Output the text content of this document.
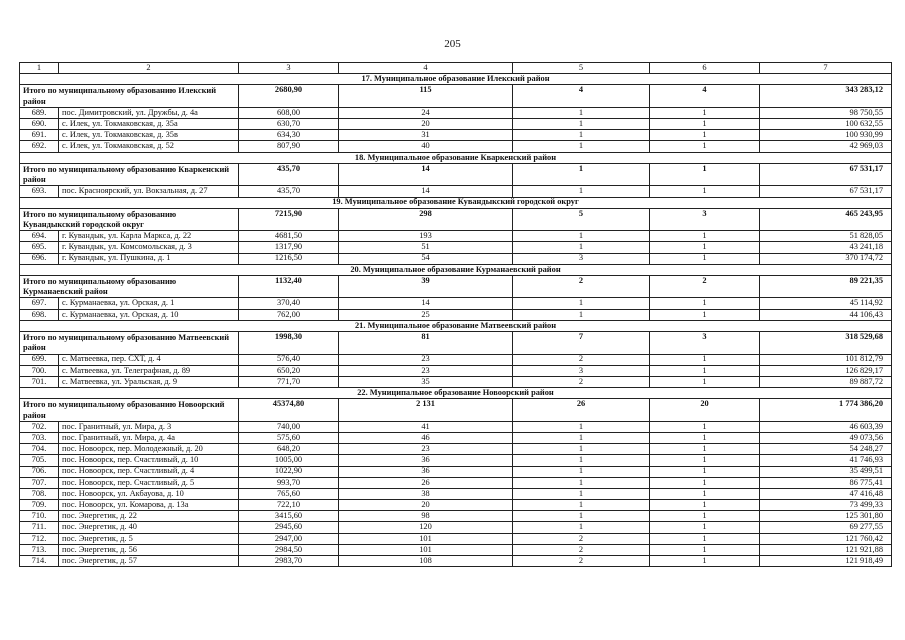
205
1	2	3	4	5	6	7
17. Муниципальное образование Илекский район						
Итого по муниципальному образованию Илекский район		2680,90	115	4	4	343 283,12
689.	пос. Димитровский, ул. Дружбы, д. 4а	608,00	24	1	1	98 750,55
690.	с. Илек, ул. Токмаковская, д. 35а	630,70	20	1	1	100 632,55
691.	с. Илек, ул. Токмаковская, д. 35в	634,30	31	1	1	100 930,99
692.	с. Илек, ул. Токмаковская, д. 52	807,90	40	1	1	42 969,03
18. Муниципальное образование Кваркенский район						
Итого по муниципальному образованию Кваркенский район		435,70	14	1	1	67 531,17
693.	пос. Красноярский, ул. Вокзальная, д. 27	435,70	14	1	1	67 531,17
19. Муниципальное образование Кувандыкский городской округ						
Итого по муниципальному образованию Кувандыкский городской округ		7215,90	298	5	3	465 243,95
694.	г. Кувандык, ул. Карла Маркса, д. 22	4681,50	193	1	1	51 828,05
695.	г. Кувандык, ул. Комсомольская, д. 3	1317,90	51	1	1	43 241,18
696.	г. Кувандык, ул. Пушкина, д. 1	1216,50	54	3	1	370 174,72
20. Муниципальное образование Курманаевский район						
Итого по муниципальному образованию Курманаевский район		1132,40	39	2	2	89 221,35
697.	с. Курманаевка, ул. Орская, д. 1	370,40	14	1	1	45 114,92
698.	с. Курманаевка, ул. Орская, д. 10	762,00	25	1	1	44 106,43
21. Муниципальное образование Матвеевский район						
Итого по муниципальному образованию Матвеевский район		1998,30	81	7	3	318 529,68
699.	с. Матвеевка, пер. СХТ, д. 4	576,40	23	2	1	101 812,79
700.	с. Матвеевка, ул. Телеграфная, д. 89	650,20	23	3	1	126 829,17
701.	с. Матвеевка, ул. Уральская, д. 9	771,70	35	2	1	89 887,72
22. Муниципальное образование Новоорский район						
Итого по муниципальному образованию Новоорский район		45374,80	2 131	26	20	1 774 386,20
702.	пос. Гранитный, ул. Мира, д. 3	740,00	41	1	1	46 603,39
703.	пос. Гранитный, ул. Мира, д. 4а	575,60	46	1	1	49 073,56
704.	пос. Новоорск, пер. Молодежный, д. 20	648,20	23	1	1	54 248,27
705.	пос. Новоорск, пер. Счастливый, д. 10	1005,00	36	1	1	41 746,93
706.	пос. Новоорск, пер. Счастливый, д. 4	1022,90	36	1	1	35 499,51
707.	пос. Новоорск, пер. Счастливый, д. 5	993,70	26	1	1	86 775,41
708.	пос. Новоорск, ул. Акбауова, д. 10	765,60	38	1	1	47 416,48
709.	пос. Новоорск, ул. Комарова, д. 13а	722,10	20	1	1	73 499,33
710.	пос. Энергетик, д. 22	3415,60	98	1	1	125 301,80
711.	пос. Энергетик, д. 40	2945,60	120	1	1	69 277,55
712.	пос. Энергетик, д. 5	2947,00	101	2	1	121 760,42
713.	пос. Энергетик, д. 56	2984,50	101	2	1	121 921,88
714.	пос. Энергетик, д. 57	2983,70	108	2	1	121 918,49
